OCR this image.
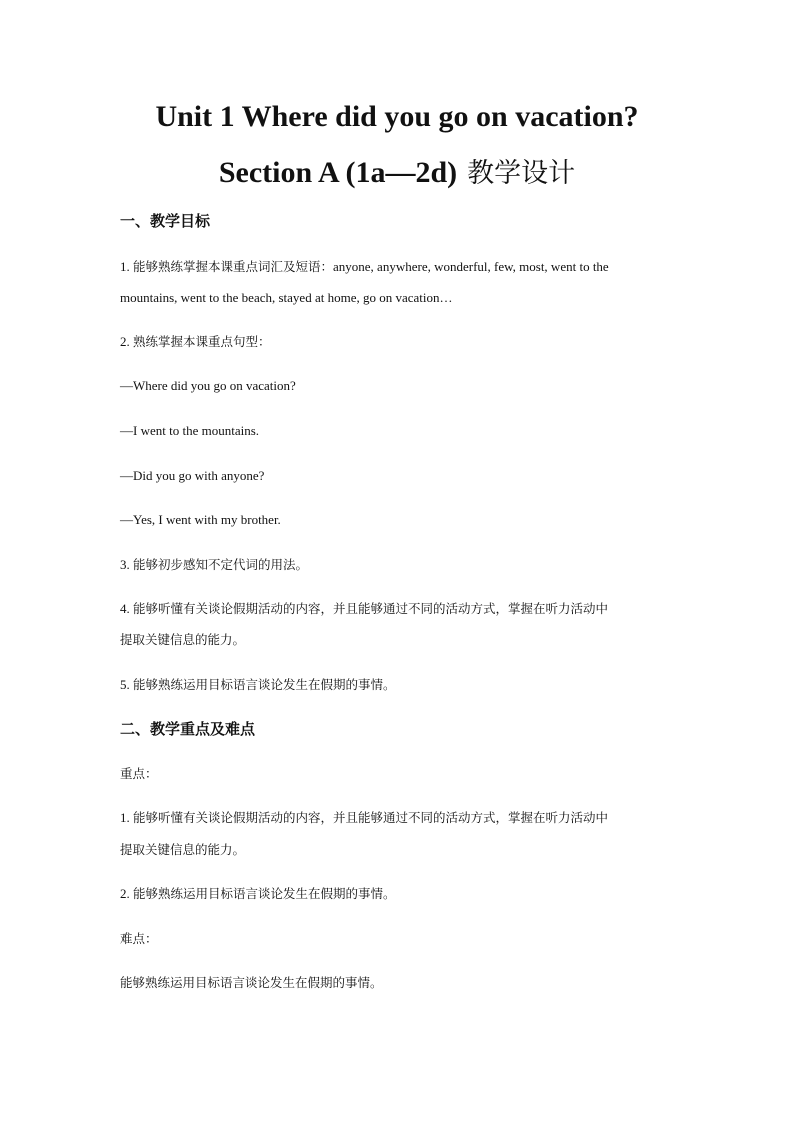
Unit 1 Where did you go on vacation?
Section A (1a—2d) 教学设计
一、教学目标
1. 能够熟练掌握本课重点词汇及短语：anyone, anywhere, wonderful, few, most, went to the
mountains, went to the beach, stayed at home, go on vacation…
2. 熟练掌握本课重点句型：
—Where did you go on vacation?
—I went to the mountains.
—Did you go with anyone?
—Yes, I went with my brother.
3. 能够初步感知不定代词的用法。
4. 能够听懂有关谈论假期活动的内容，并且能够通过不同的活动方式，掌握在听力活动中
提取关键信息的能力。
5. 能够熟练运用目标语言谈论发生在假期的事情。
二、教学重点及难点
重点：
1. 能够听懂有关谈论假期活动的内容，并且能够通过不同的活动方式，掌握在听力活动中
提取关键信息的能力。
2. 能够熟练运用目标语言谈论发生在假期的事情。
难点：
能够熟练运用目标语言谈论发生在假期的事情。
